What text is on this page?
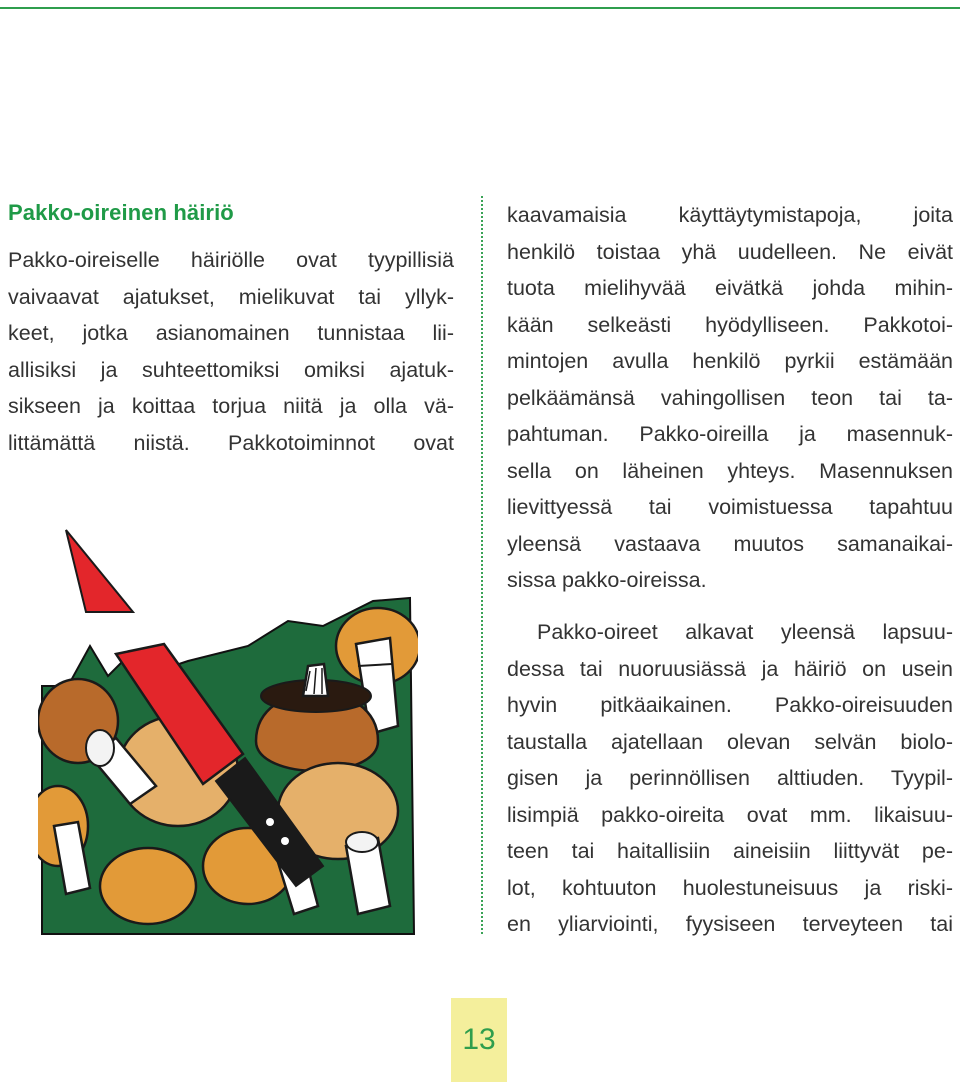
Pakko-oireinen häiriö

Pakko-oireiselle häiriölle ovat tyypillisiä

vaivaavat ajatukset, mielikuvat tai yllyk-

keet, jotka asianomainen tunnistaa lii-

allisiksi ja suhteettomiksi omiksi ajatuk-

sikseen ja koittaa torjua niitä ja olla vä-

littämättä niistä. Pakkotoiminnot ovat

kaavamaisia käyttäytymistapoja, joita

henkilö toistaa yhä uudelleen. Ne eivät

tuota mielihyvää eivätkä johda mihin-

kään selkeästi hyödylliseen. Pakkotoi-

mintojen avulla henkilö pyrkii estämään

pelkäämänsä vahingollisen teon tai ta-

pahtuman. Pakko-oireilla ja masennuk-

sella on läheinen yhteys. Masennuksen

lievittyessä tai voimistuessa tapahtuu

yleensä vastaava muutos samanaikai-

sissa pakko-oireissa.

Pakko-oireet alkavat yleensä lapsuu-

dessa tai nuoruusiässä ja häiriö on usein

hyvin pitkäaikainen. Pakko-oireisuuden

taustalla ajatellaan olevan selvän biolo-

gisen ja perinnöllisen alttiuden. Tyypil-

lisimpiä pakko-oireita ovat mm. likaisuu-

teen tai haitallisiin aineisiin liittyvät pe-

lot, kohtuuton huolestuneisuus ja riski-

en yliarviointi, fyysiseen terveyteen tai

13
